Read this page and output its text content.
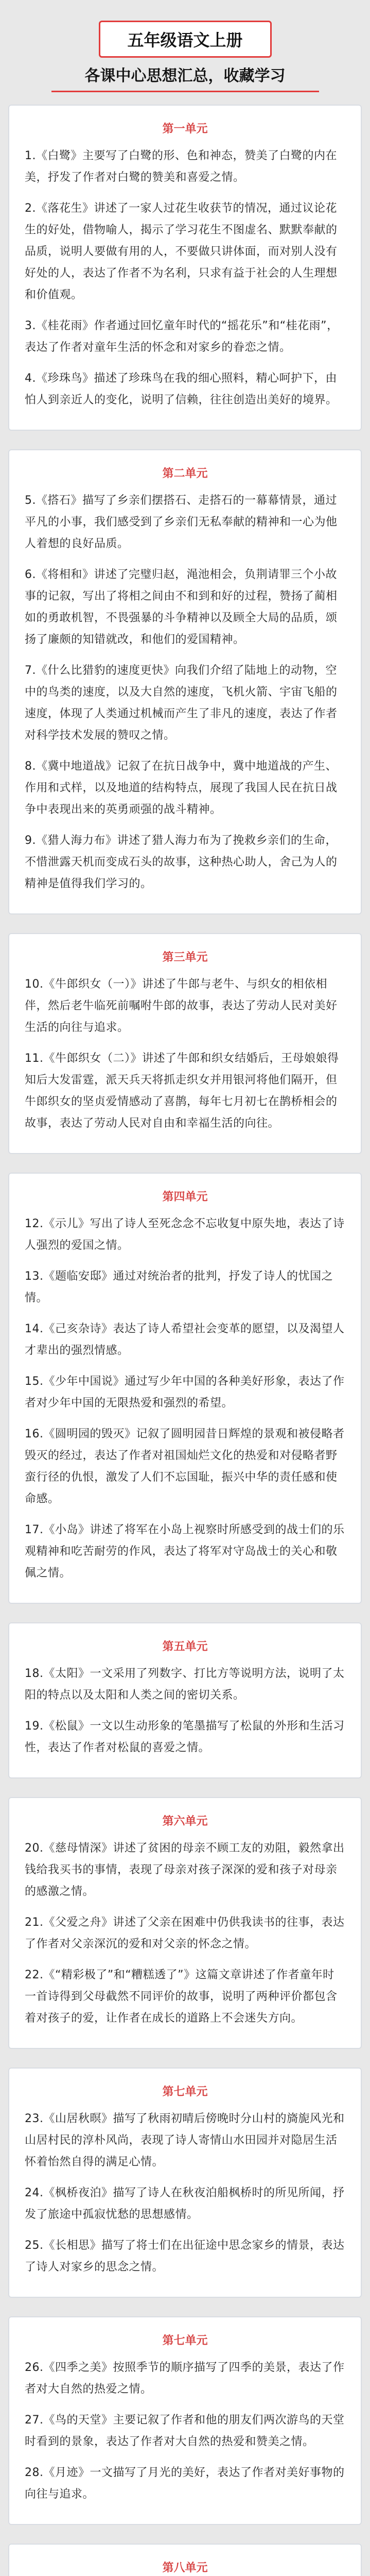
五年级语文上册
各课中心思想汇总，收藏学习
第一单元

1.《白鹭》主要写了白鹭的形、色和神态，赞美了白鹭的内在美，抒发了作者对白鹭的赞美和喜爱之情。

2.《落花生》讲述了一家人过花生收获节的情况，通过议论花生的好处，借物喻人，揭示了学习花生不图虚名、默默奉献的品质，说明人要做有用的人，不要做只讲体面，而对别人没有好处的人，表达了作者不为名利，只求有益于社会的人生理想和价值观。

3.《桂花雨》作者通过回忆童年时代的“摇花乐”和“桂花雨”，表达了作者对童年生活的怀念和对家乡的眷恋之情。

4.《珍珠鸟》描述了珍珠鸟在我的细心照料，精心呵护下，由怕人到亲近人的变化，说明了信赖，往往创造出美好的境界。

第二单元

5.《搭石》描写了乡亲们摆搭石、走搭石的一幕幕情景，通过平凡的小事，我们感受到了乡亲们无私奉献的精神和一心为他人着想的良好品质。

6.《将相和》讲述了完璧归赵，渑池相会，负荆请罪三个小故事的记叙，写出了将相之间由不和到和好的过程，赞扬了蔺相如的勇敢机智，不畏强暴的斗争精神以及顾全大局的品质，颂扬了廉颇的知错就改，和他们的爱国精神。

7.《什么比猎豹的速度更快》向我们介绍了陆地上的动物，空中的鸟类的速度，以及大自然的速度，飞机火箭、宇宙飞船的速度，体现了人类通过机械而产生了非凡的速度，表达了作者对科学技术发展的赞叹之情。

8.《冀中地道战》记叙了在抗日战争中，冀中地道战的产生、作用和式样，以及地道的结构特点，展现了我国人民在抗日战争中表现出来的英勇顽强的战斗精神。

9.《猎人海力布》讲述了猎人海力布为了挽救乡亲们的生命，不惜泄露天机而变成石头的故事，这种热心助人，舍己为人的精神是值得我们学习的。

第三单元

10.《牛郎织女（一）》讲述了牛郎与老牛、与织女的相依相伴，然后老牛临死前嘱咐牛郎的故事，表达了劳动人民对美好生活的向往与追求。

11.《牛郎织女（二）》讲述了牛郎和织女结婚后，王母娘娘得知后大发雷霆，派天兵天将抓走织女并用银河将他们隔开，但牛郎织女的坚贞爱情感动了喜鹊，每年七月初七在鹊桥相会的故事，表达了劳动人民对自由和幸福生活的向往。

第四单元

12.《示儿》写出了诗人至死念念不忘收复中原失地，表达了诗人强烈的爱国之情。

13.《题临安邸》通过对统治者的批判，抒发了诗人的忧国之情。

14.《己亥杂诗》表达了诗人希望社会变革的愿望，以及渴望人才辈出的强烈情感。

15.《少年中国说》通过写少年中国的各种美好形象，表达了作者对少年中国的无限热爱和强烈的希望。

16.《圆明园的毁灭》记叙了圆明园昔日辉煌的景观和被侵略者毁灭的经过，表达了作者对祖国灿烂文化的热爱和对侵略者野蛮行径的仇恨，激发了人们不忘国耻，振兴中华的责任感和使命感。

17.《小岛》讲述了将军在小岛上视察时所感受到的战士们的乐观精神和吃苦耐劳的作风，表达了将军对守岛战士的关心和敬佩之情。

第五单元

18.《太阳》一文采用了列数字、打比方等说明方法，说明了太阳的特点以及太阳和人类之间的密切关系。

19.《松鼠》一文以生动形象的笔墨描写了松鼠的外形和生活习性，表达了作者对松鼠的喜爱之情。

第六单元

20.《慈母情深》讲述了贫困的母亲不顾工友的劝阻，毅然拿出钱给我买书的事情，表现了母亲对孩子深深的爱和孩子对母亲的感激之情。

21.《父爱之舟》讲述了父亲在困难中仍供我读书的往事，表达了作者对父亲深沉的爱和对父亲的怀念之情。

22.《“精彩极了”和“糟糕透了”》这篇文章讲述了作者童年时一首诗得到父母截然不同评价的故事，说明了两种评价都包含着对孩子的爱，让作者在成长的道路上不会迷失方向。

第七单元

23.《山居秋暝》描写了秋雨初晴后傍晚时分山村的旖旎风光和山居村民的淳朴风尚，表现了诗人寄情山水田园并对隐居生活怀着怡然自得的满足心情。

24.《枫桥夜泊》描写了诗人在秋夜泊船枫桥时的所见所闻，抒发了旅途中孤寂忧愁的思想感情。

25.《长相思》描写了将士们在出征途中思念家乡的情景，表达了诗人对家乡的思念之情。

第七单元

26.《四季之美》按照季节的顺序描写了四季的美景，表达了作者对大自然的热爱之情。

27.《鸟的天堂》主要记叙了作者和他的朋友们两次游鸟的天堂时看到的景象，表达了作者对大自然的热爱和赞美之情。

28.《月迹》一文描写了月光的美好，表达了作者对美好事物的向往与追求。

第八单元
